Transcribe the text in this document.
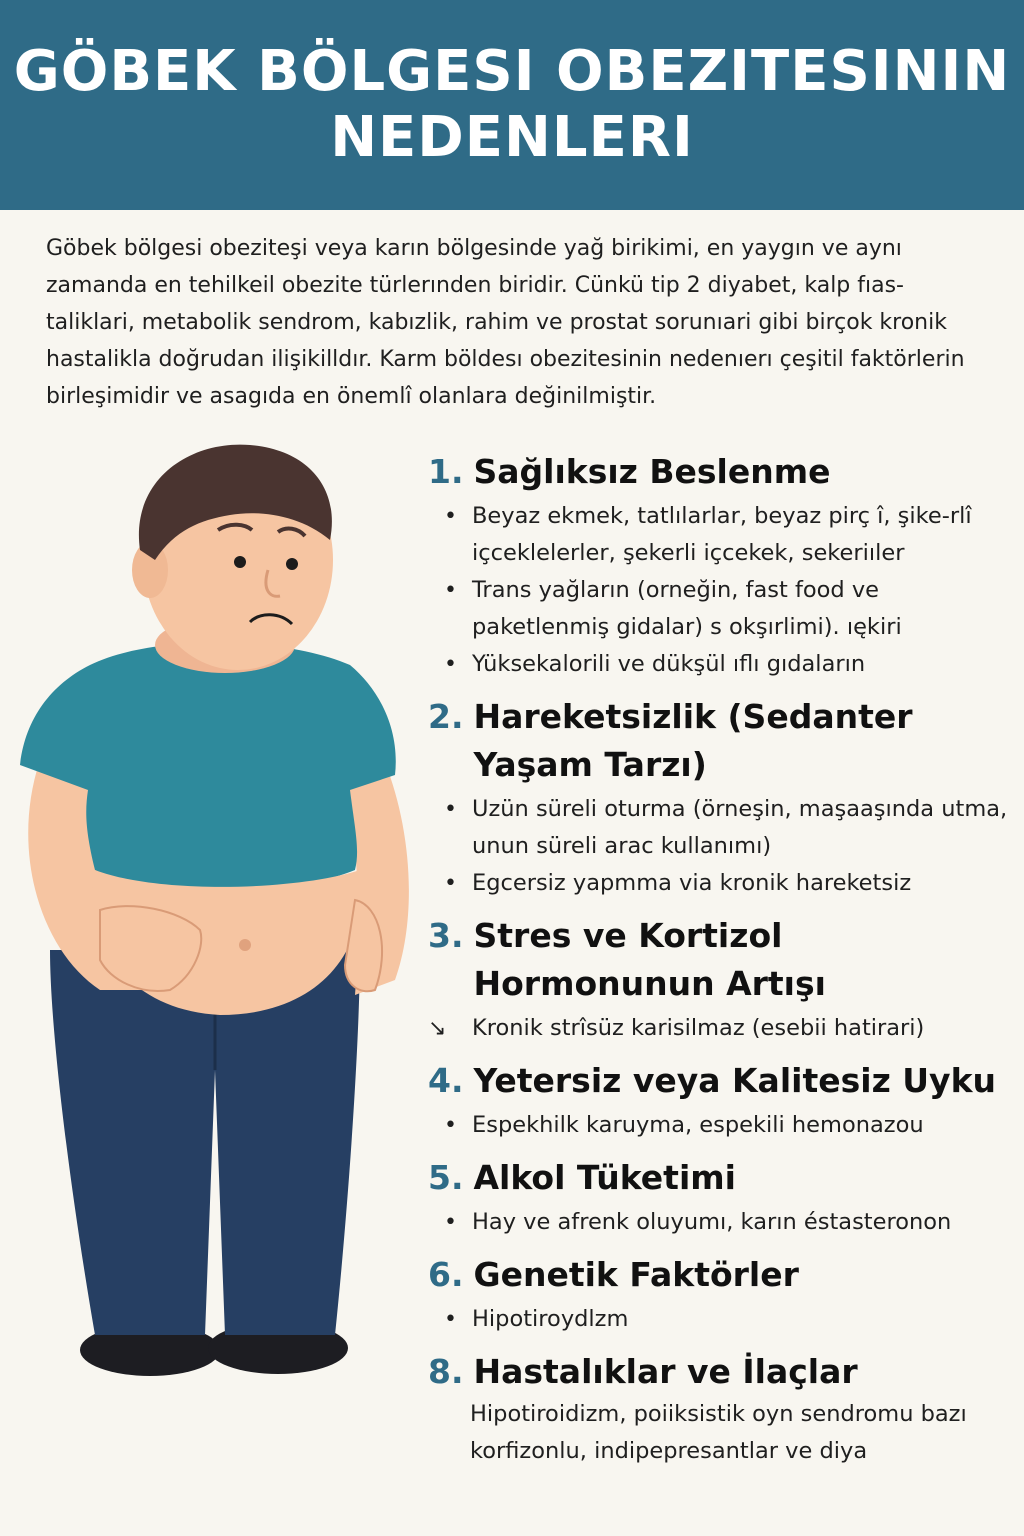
GÖBEK BÖLGESI OBEZITESININ
NEDENLERI
Göbek bölgesi obeziteşi veya karın bölgesinde yağ birikimi, en yaygın ve aynı zamanda en tehilkeil obezite türlerınden biridir. Cünkü tip 2 diyabet, kalp fıas-taliklari, metabolik sendrom, kabızlik, rahim ve prostat sorunıari gibi birçok kronik hastalikla doğrudan ilişikilldır. Karm böldesı obezitesinin nedenıerı çeşitil faktörlerin birleşimidir ve asagıda en önemlî olanlara değinilmiştir.
1. Sağlıksız Beslenme
• Beyaz ekmek, tatlılarlar, beyaz pirç î, şike-rlî içceklelerler, şekerli içcekek, sekeriıler
• Trans yağların (orneğin, fast food ve paketlenmiş gidalar) s okşırlimi). ıękiri
• Yüksekalorili ve dükşül ıflı gıdaların
2. Hareketsizlik (Sedanter Yaşam Tarzı)
• Uzün süreli oturma (örneşin, maşaaşında utma, unun süreli arac kullanımı)
• Egcersiz yapmma via kronik hareketsiz
3. Stres ve Kortizol Hormonunun Artışı
↘ Kronik strîsüz karisilmaz (esebii hatirari)
4. Yetersiz veya Kalitesiz Uyku
• Espekhilk karuyma, espekili hemonazou
5. Alkol Tüketimi
• Hay ve afrenk oluyumı, karın éstasteronon
6. Genetik Faktörler
• Hipotiroydlzm
8. Hastalıklar ve İlaçlar
Hipotiroidizm, poiiksistik oyn sendromu bazı korfizonlu, indipepresantlar ve diya
